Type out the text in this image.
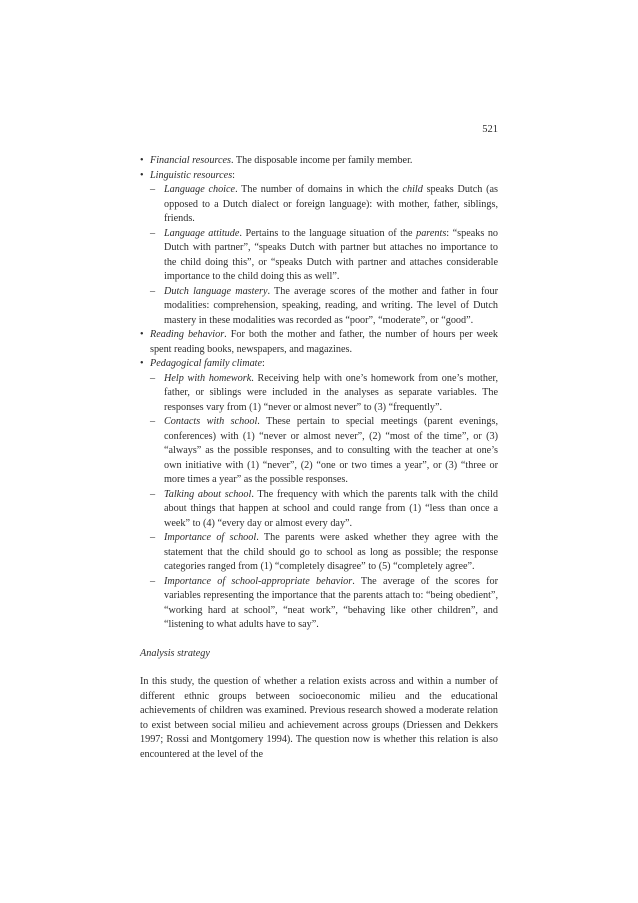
521
• Financial resources. The disposable income per family member.
• Linguistic resources:
– Language choice. The number of domains in which the child speaks Dutch (as opposed to a Dutch dialect or foreign language): with mother, father, siblings, friends.
– Language attitude. Pertains to the language situation of the parents: “speaks no Dutch with partner”, “speaks Dutch with partner but attaches no importance to the child doing this”, or “speaks Dutch with partner and attaches considerable importance to the child doing this as well”.
– Dutch language mastery. The average scores of the mother and father in four modalities: comprehension, speaking, reading, and writing. The level of Dutch mastery in these modalities was recorded as “poor”, “moderate”, or “good”.
• Reading behavior. For both the mother and father, the number of hours per week spent reading books, newspapers, and magazines.
• Pedagogical family climate:
– Help with homework. Receiving help with one’s homework from one’s mother, father, or siblings were included in the analyses as separate variables. The responses vary from (1) “never or almost never” to (3) “frequently”.
– Contacts with school. These pertain to special meetings (parent evenings, conferences) with (1) “never or almost never”, (2) “most of the time”, or (3) “always” as the possible responses, and to consulting with the teacher at one’s own initiative with (1) “never”, (2) “one or two times a year”, or (3) “three or more times a year” as the possible responses.
– Talking about school. The frequency with which the parents talk with the child about things that happen at school and could range from (1) “less than once a week” to (4) “every day or almost every day”.
– Importance of school. The parents were asked whether they agree with the statement that the child should go to school as long as possible; the response categories ranged from (1) “completely disagree” to (5) “completely agree”.
– Importance of school-appropriate behavior. The average of the scores for variables representing the importance that the parents attach to: “being obedient”, “working hard at school”, “neat work”, “behaving like other children”, and “listening to what adults have to say”.
Analysis strategy
In this study, the question of whether a relation exists across and within a number of different ethnic groups between socioeconomic milieu and the educational achievements of children was examined. Previous research showed a moderate relation to exist between social milieu and achievement across groups (Driessen and Dekkers 1997; Rossi and Montgomery 1994). The question now is whether this relation is also encountered at the level of the
